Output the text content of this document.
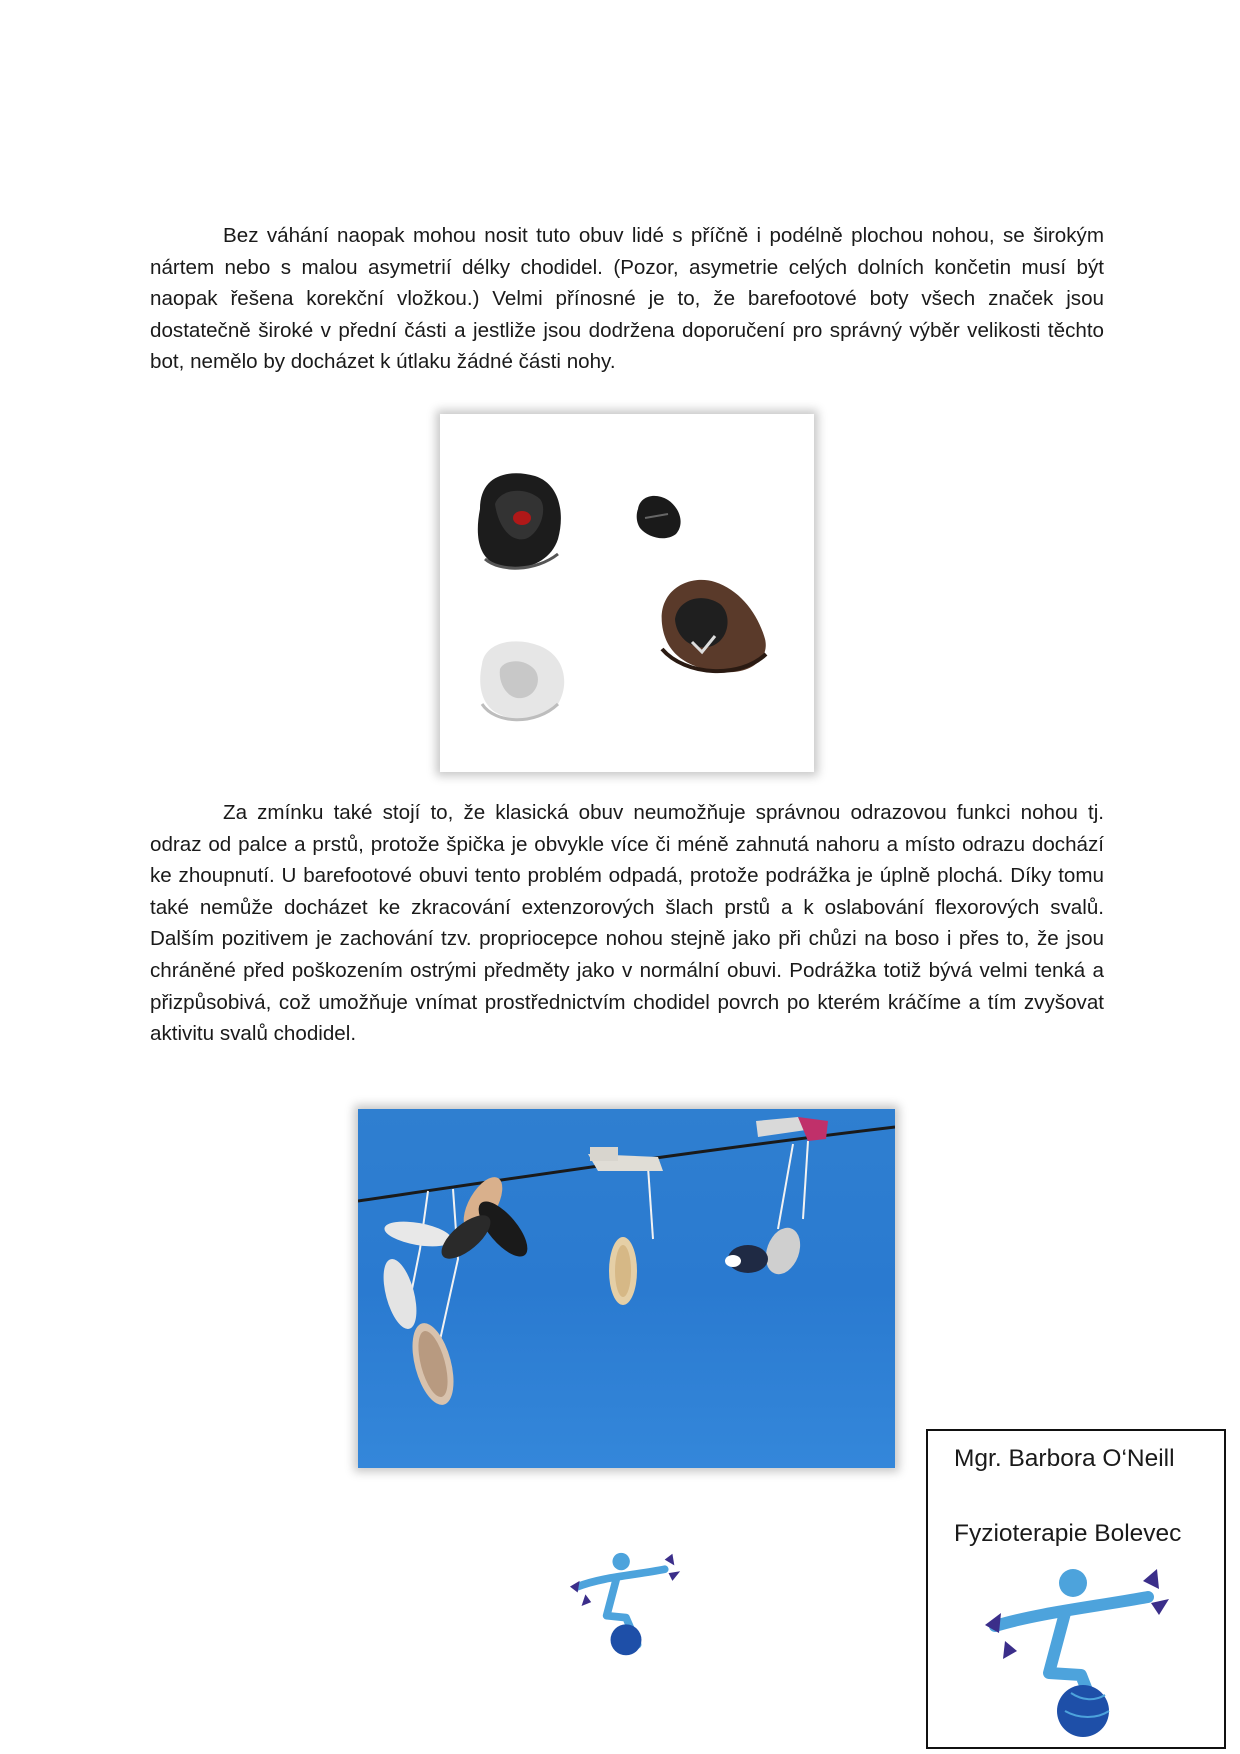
Bez váhání naopak mohou nosit tuto obuv lidé s příčně i podélně plochou nohou, se širokým nártem nebo s malou asymetrií délky chodidel. (Pozor, asymetrie celých dolních končetin musí být naopak řešena korekční vložkou.) Velmi přínosné je to, že barefootové boty všech značek jsou dostatečně široké v přední části a jestliže jsou dodržena doporučení pro správný výběr velikosti těchto bot, nemělo by docházet k útlaku žádné části nohy.

Za zmínku také stojí to, že klasická obuv neumožňuje správnou odrazovou funkci nohou tj. odraz od palce a prstů, protože špička je obvykle více či méně zahnutá nahoru a místo odrazu dochází ke zhoupnutí. U barefootové obuvi tento problém odpadá, protože podrážka je úplně plochá. Díky tomu také nemůže docházet ke zkracování extenzorových šlach prstů a k oslabování flexorových svalů. Dalším pozitivem je zachování tzv. propriocepce nohou stejně jako při chůzi na boso i přes to, že jsou chráněné před poškozením ostrými předměty jako v normální obuvi. Podrážka totiž bývá velmi tenká a přizpůsobivá, což umožňuje vnímat prostřednictvím chodidel povrch po kterém kráčíme a tím zvyšovat aktivitu svalů chodidel.

Mgr. Barbora O‘Neill

Fyzioterapie Bolevec
